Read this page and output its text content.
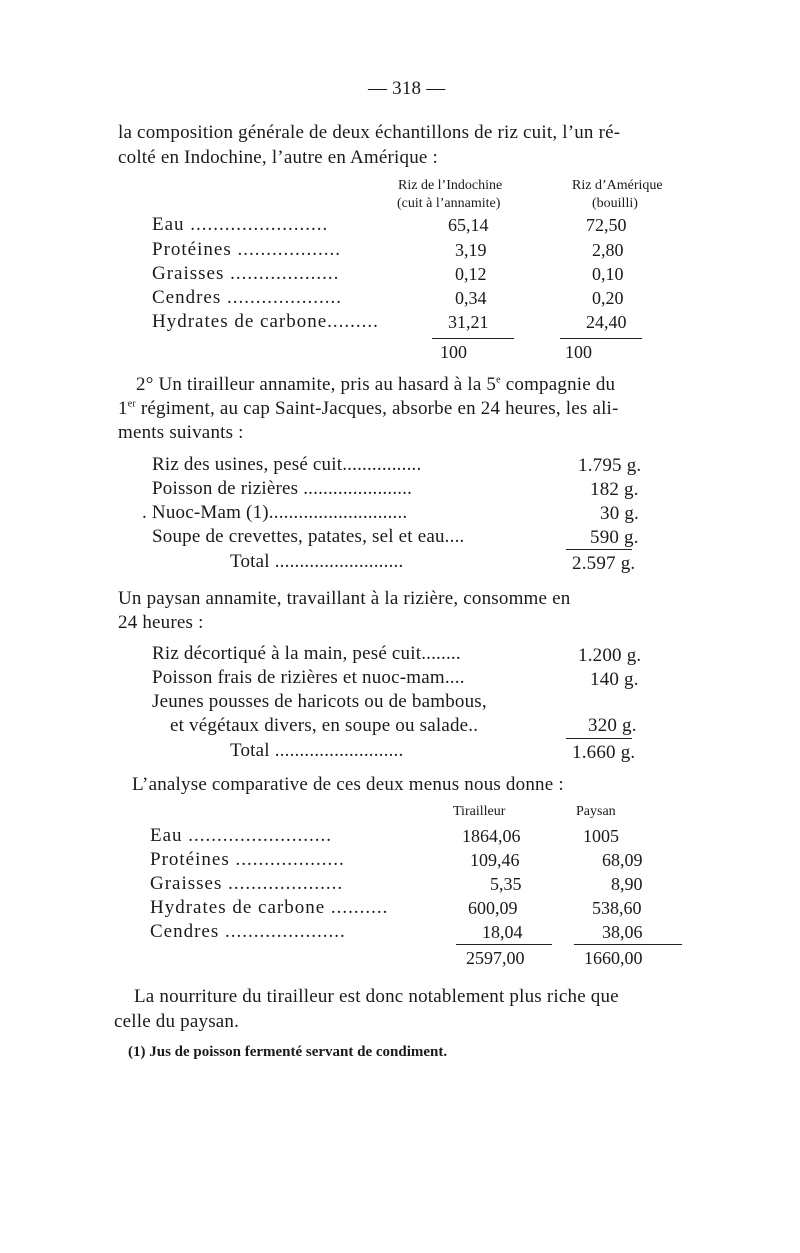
— 318 —
la composition générale de deux échantillons de riz cuit, l’un ré-
colté en Indochine, l’autre en Amérique :
Riz de l’Indochine
(cuit à l’annamite)
Riz d’Amérique
(bouilli)
Eau ........................	65,14	72,50
Protéines ..................	3,19	2,80
Graisses ...................	0,12	0,10
Cendres ....................	0,34	0,20
Hydrates de carbone.........	31,21	24,40
100	100
2° Un tirailleur annamite, pris au hasard à la 5e compagnie du
1er régiment, au cap Saint-Jacques, absorbe en 24 heures, les ali-
ments suivants :
Riz des usines, pesé cuit................	1.795 g.
Poisson de rizières ......................	182 g.
. Nuoc-Mam (1)............................	30 g.
Soupe de crevettes, patates, sel et eau....	590 g.
Total ..........................	2.597 g.
Un paysan annamite, travaillant à la rizière, consomme en
24 heures :
Riz décortiqué à la main, pesé cuit........	1.200 g.
Poisson frais de rizières et nuoc-mam....	140 g.
Jeunes pousses de haricots ou de bambous,
et végétaux divers, en soupe ou salade..	320 g.
Total ..........................	1.660 g.
L’analyse comparative de ces deux menus nous donne :
Tirailleur	Paysan
Eau .........................	1864,06	1005
Protéines ...................	109,46	68,09
Graisses ....................	5,35	8,90
Hydrates de carbone ..........	600,09	538,60
Cendres .....................	18,04	38,06
2597,00	1660,00
La nourriture du tirailleur est donc notablement plus riche que
celle du paysan.
(1) Jus de poisson fermenté servant de condiment.
